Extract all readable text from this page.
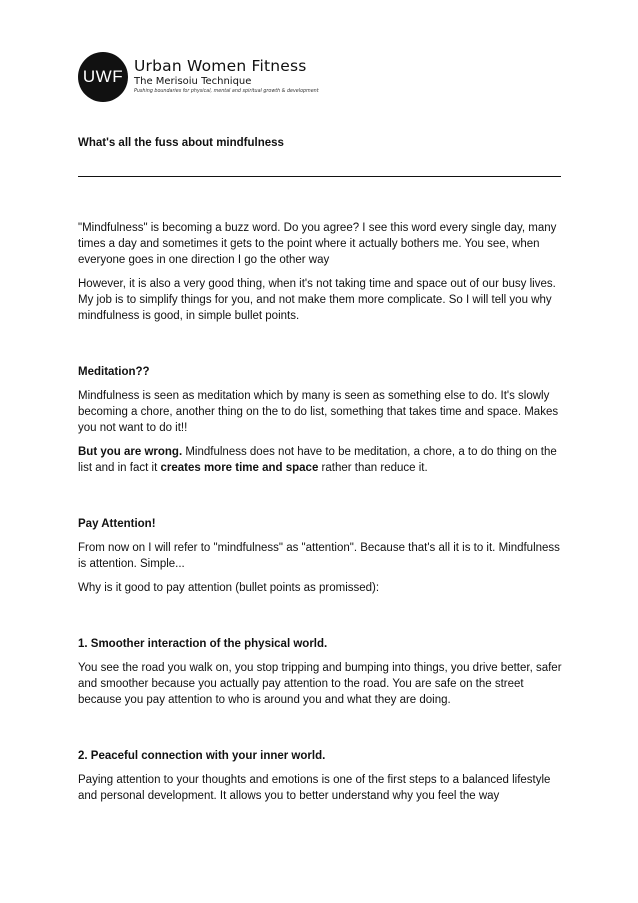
UWF
Urban Women Fitness
The Merisoiu Technique
Pushing boundaries for physical, mental and spiritual growth & development
What's all the fuss about mindfulness

"Mindfulness" is becoming a buzz word. Do you agree? I see this word every single day, many times a day and sometimes it gets to the point where it actually bothers me. You see, when everyone goes in one direction I go the other way

However, it is also a very good thing, when it's not taking time and space out of our busy lives. My job is to simplify things for you, and not make them more complicate. So I will tell you why mindfulness is good, in simple bullet points.

Meditation??

Mindfulness is seen as meditation which by many is seen as something else to do. It's slowly becoming a chore, another thing on the to do list, something that takes time and space. Makes you not want to do it!!

But you are wrong. Mindfulness does not have to be meditation, a chore, a to do thing on the list and in fact it creates more time and space rather than reduce it.

Pay Attention!

From now on I will refer to "mindfulness" as "attention". Because that's all it is to it. Mindfulness is attention. Simple...

Why is it good to pay attention (bullet points as promissed):

1. Smoother interaction of the physical world.

You see the road you walk on, you stop tripping and bumping into things, you drive better, safer and smoother because you actually pay attention to the road. You are safe on the street because you pay attention to who is around you and what they are doing.

2. Peaceful connection with your inner world.

Paying attention to your thoughts and emotions is one of the first steps to a balanced lifestyle and personal development. It allows you to better understand why you feel the way
